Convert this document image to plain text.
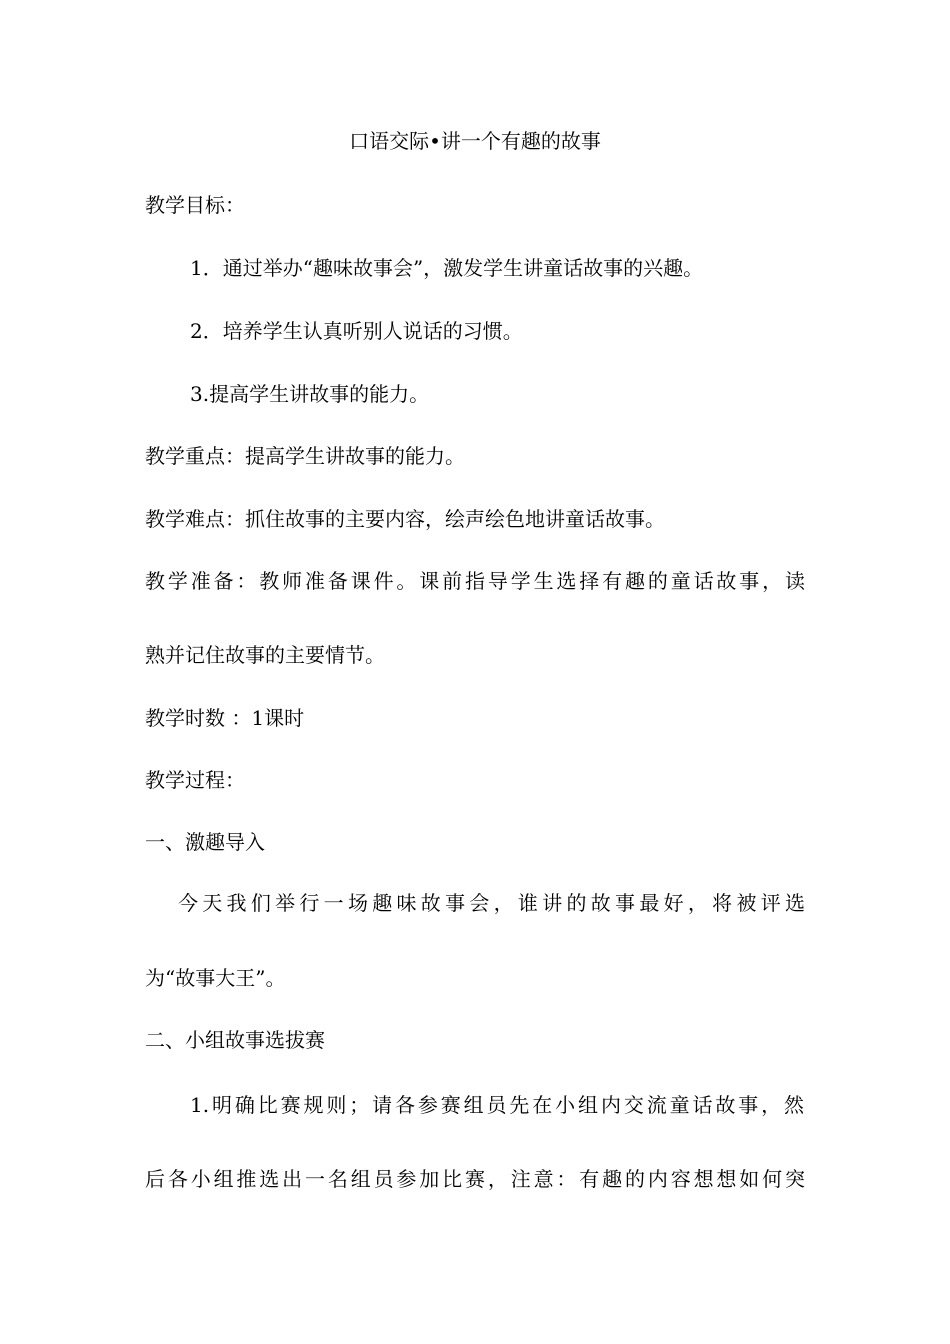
口语交际•讲一个有趣的故事
教学目标：
1．通过举办“趣味故事会”，激发学生讲童话故事的兴趣。
2．培养学生认真听别人说话的习惯。
3.提高学生讲故事的能力。
教学重点：提高学生讲故事的能力。
教学难点：抓住故事的主要内容，绘声绘色地讲童话故事。
教学准备：教师准备课件。课前指导学生选择有趣的童话故事，读
熟并记住故事的主要情节。
教学时数 ：1课时
教学过程：
一、激趣导入
今天我们举行一场趣味故事会，谁讲的故事最好，将被评选
为“故事大王”。
二、小组故事选拔赛
1.明确比赛规则；请各参赛组员先在小组内交流童话故事，然
后各小组推选出一名组员参加比赛，注意：有趣的内容想想如何突
